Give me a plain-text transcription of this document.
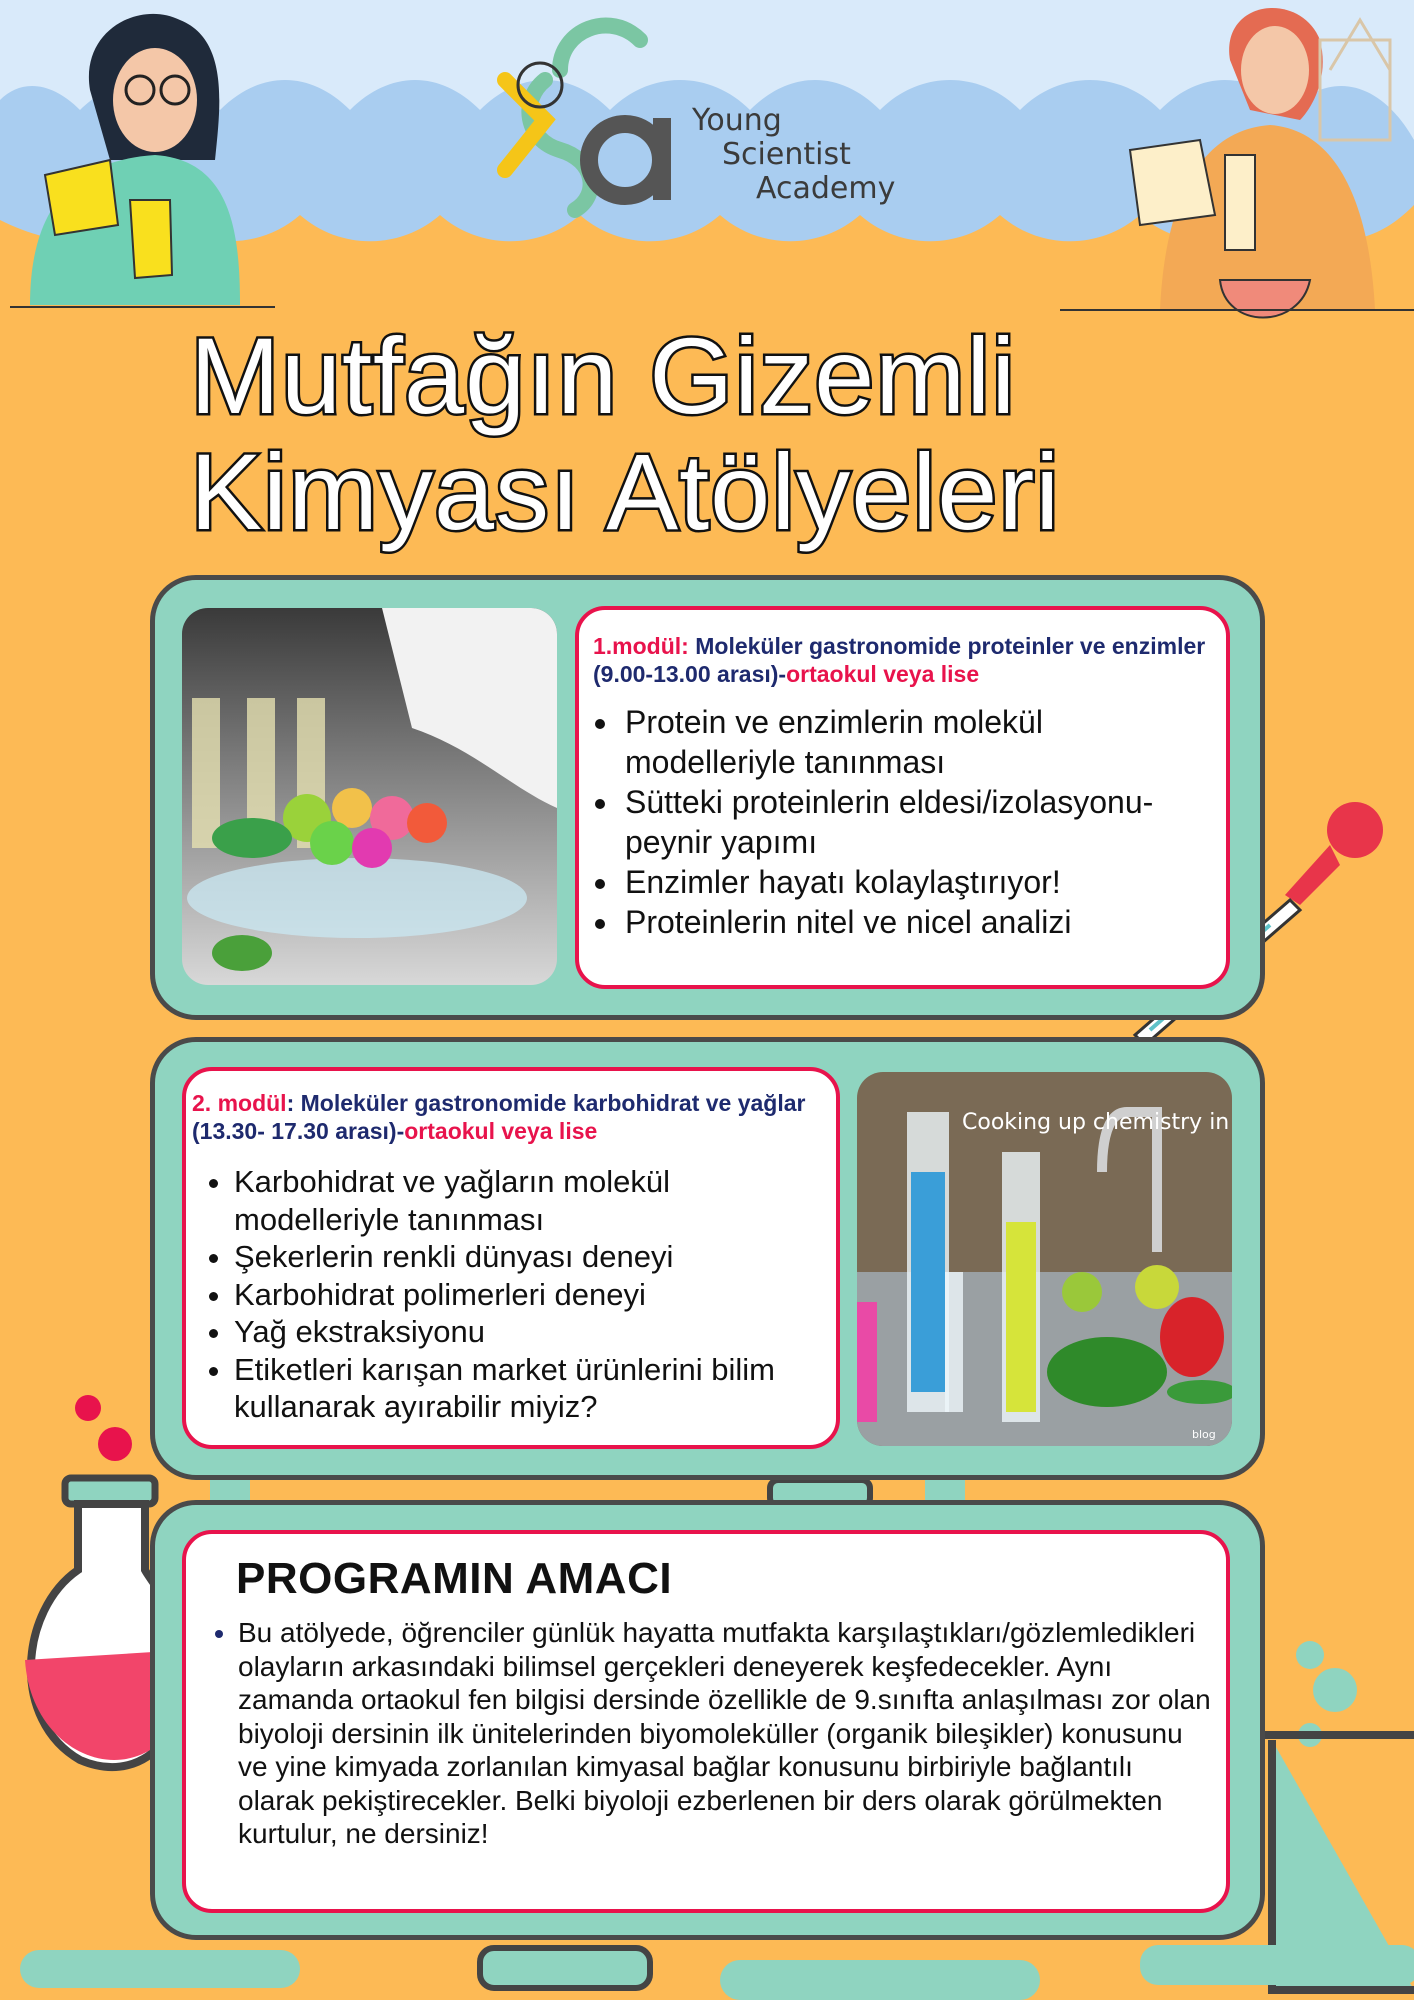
Young
Scientist
Academy
Mutfağın Gizemli
Kimyası Atölyeleri
1.modül: Moleküler gastronomide proteinler ve enzimler (9.00-13.00 arası)-ortaokul veya lise
• Protein ve enzimlerin molekül modelleriyle tanınması
• Sütteki proteinlerin eldesi/izolasyonu-peynir yapımı
• Enzimler hayatı kolaylaştırıyor!
• Proteinlerin nitel ve nicel analizi
2. modül: Moleküler gastronomide karbohidrat ve yağlar (13.30- 17.30 arası)-ortaokul veya lise
• Karbohidrat ve yağların molekül modelleriyle tanınması
• Şekerlerin renkli dünyası deneyi
• Karbohidrat polimerleri deneyi
• Yağ ekstraksiyonu
• Etiketleri karışan market ürünlerini bilim kullanarak ayırabilir miyiz?
Cooking up chemistry in
blog
PROGRAMIN AMACI
• Bu atölyede, öğrenciler günlük hayatta mutfakta karşılaştıkları/gözlemledikleri olayların arkasındaki bilimsel gerçekleri deneyerek keşfedecekler. Aynı zamanda ortaokul fen bilgisi dersinde özellikle de 9.sınıfta anlaşılması zor olan biyoloji dersinin ilk ünitelerinden biyomoleküller (organik bileşikler) konusunu ve yine kimyada zorlanılan kimyasal bağlar konusunu birbiriyle bağlantılı olarak pekiştirecekler. Belki biyoloji ezberlenen bir ders olarak görülmekten kurtulur, ne dersiniz!
